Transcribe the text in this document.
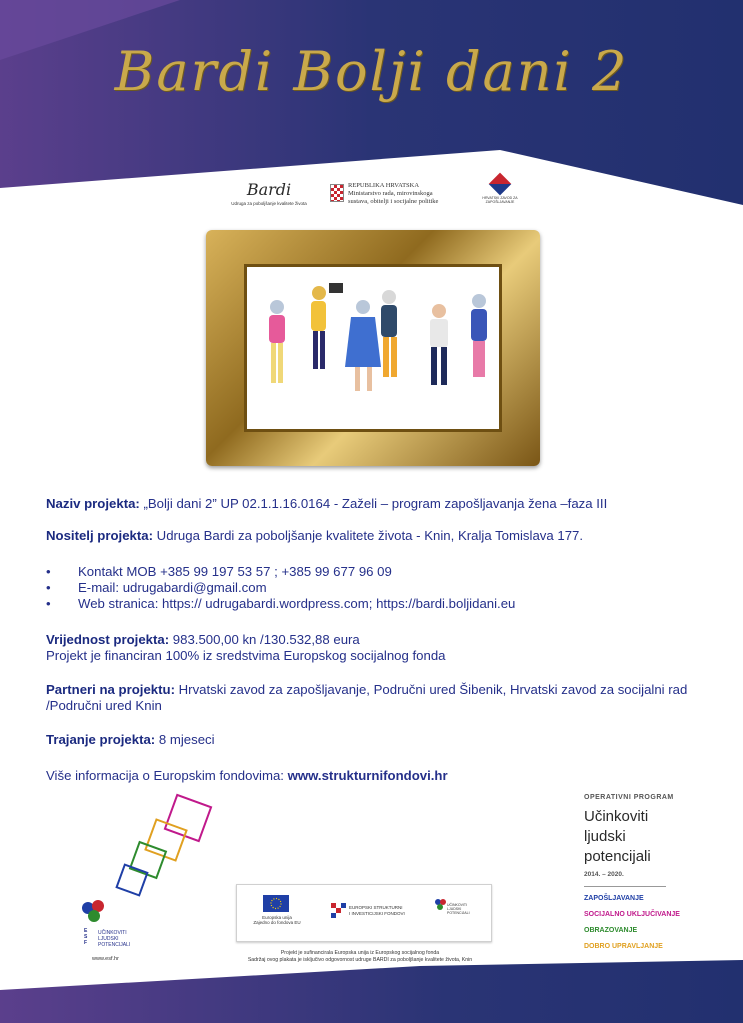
Bardi Bolji dani 2
Bardi
Udruga za poboljšanje kvalitete života
REPUBLIKA HRVATSKA
Ministarstvo rada, mirovinskoga
sustava, obitelji i socijalne politike	HRVATSKI ZAVOD ZA ZAPOŠLJAVANJE

Naziv projekta: „Bolji dani 2” UP 02.1.1.16.0164 - Zaželi – program zapošljavanja žena –faza III

Nositelj projekta: Udruga Bardi za poboljšanje kvalitete života - Knin, Kralja Tomislava 177.

• Kontakt MOB +385 99 197 53 57 ; +385 99 677 96 09
• E-mail: udrugabardi@gmail.com
• Web stranica: https:// udrugabardi.wordpress.com; https://bardi.boljidani.eu

Vrijednost projekta: 983.500,00 kn /130.532,88 eura

Projekt je financiran 100% iz sredstvima Europskog socijalnog fonda

Partneri na projektu: Hrvatski zavod za zapošljavanje, Područni ured Šibenik, Hrvatski zavod za socijalni rad /Područni ured Knin

Trajanje projekta: 8 mjeseci

Više informacija o Europskim fondovima: www.strukturnifondovi.hr

OPERATIVNI PROGRAM
Učinkoviti
ljudski
potencijali
2014. – 2020.
ZAPOŠLJAVANJE
SOCIJALNO UKLJUČIVANJE
OBRAZOVANJE
DOBRO UPRAVLJANJE
E
S
F
UČINKOVITI
LJUDSKI
POTENCIJALI
www.esf.hr
Europska unija
Zajedno do fondova EU
EUROPSKI STRUKTURNI
I INVESTICIJSKI FONDOVI
UČINKOVITI
LJUDSKI
POTENCIJALI
Projekt je sufinancirala Europska unija iz Europskog socijalnog fonda
Sadržaj ovog plakata je isključivo odgovornost udruge BARDI za poboljšanje kvalitete života, Knin
